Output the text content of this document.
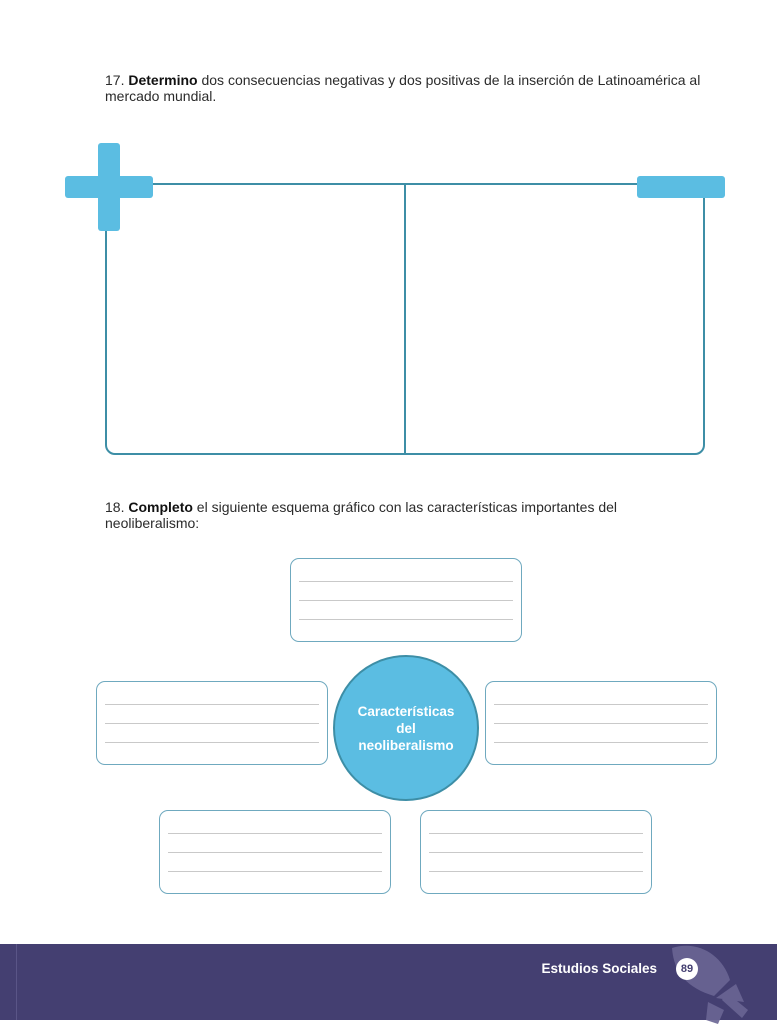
17. Determino dos consecuencias negativas y dos positivas de la inserción de Latinoamérica al mercado mundial.
18. Completo el siguiente esquema gráfico con las características importantes del neoliberalismo:
Características del neoliberalismo
Estudios Sociales	89
